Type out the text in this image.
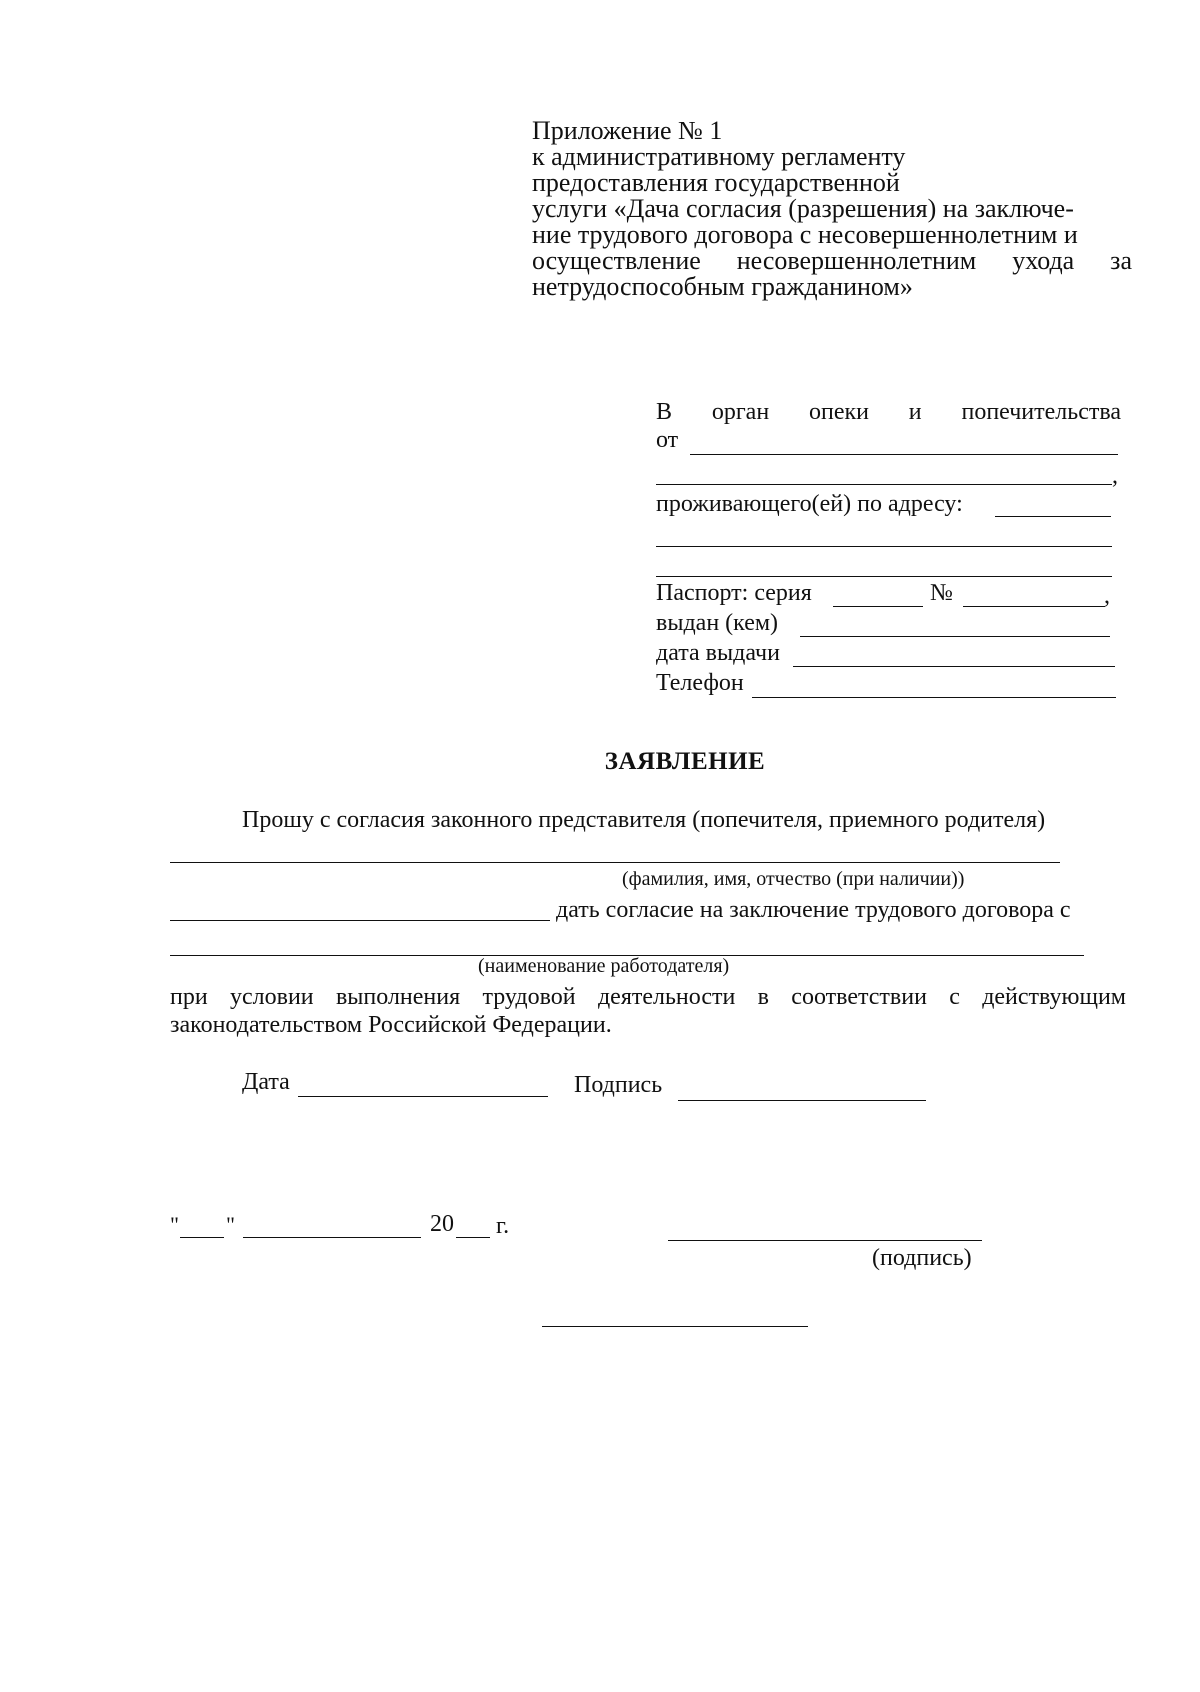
Приложение № 1
к административному регламенту
предоставления государственной
услуги «Дача согласия (разрешения) на заключе-
ние трудового договора с несовершеннолетним и
осуществление несовершеннолетним ухода за
нетрудоспособным гражданином»
В орган опеки и попечительства
от
,
проживающего(ей) по адресу:
Паспорт: серия	№	,
выдан (кем)
дата выдачи
Телефон
ЗАЯВЛЕНИЕ
Прошу с согласия законного представителя (попечителя, приемного родителя)
(фамилия, имя, отчество (при наличии))
дать согласие на заключение трудового договора с
(наименование работодателя)
при условии выполнения трудовой деятельности в соответствии с действующим
законодательством Российской Федерации.
Дата	Подпись
" "	20 г.
(подпись)
